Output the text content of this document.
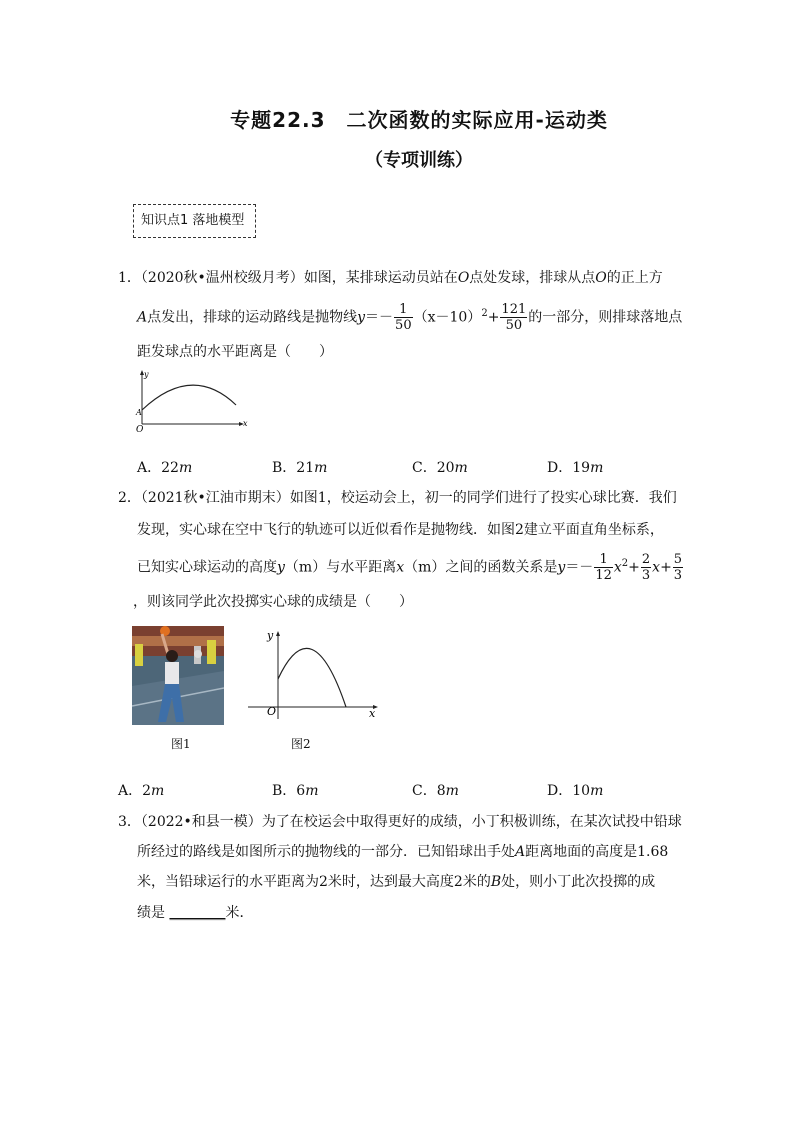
专题22.3　二次函数的实际应用-运动类
（专项训练）
知识点1 落地模型
1．（2020秋•温州校级月考）如图，某排球运动员站在O点处发球，排球从点O的正上方
A点发出，排球的运动路线是抛物线$y=- \frac{1}{50} (x-10)^2+ \frac{121}{50}$ 的一部分，则排球落地点
距发球点的水平距离是（　　）
x
y
A
O
A．22m	B．21m	C．20m	D．19m
2．（2021秋•江油市期末）如图1，校运动会上，初一的同学们进行了投实心球比赛．我们
发现，实心球在空中飞行的轨迹可以近似看作是抛物线．如图2建立平面直角坐标系，
已知实心球运动的高度y（m）与水平距离x（m）之间的函数关系是$y=- \frac{1}{12} x^2+ \frac{2}{3} x+ \frac{5}{3}$
，则该同学此次投掷实心球的成绩是（　　）
图1
x
y
O
图2
A．2m	B．6m	C．8m	D．10m
3．（2022•和县一模）为了在校运会中取得更好的成绩，小丁积极训练，在某次试投中铅球
所经过的路线是如图所示的抛物线的一部分．已知铅球出手处A距离地面的高度是1.68
米，当铅球运行的水平距离为2米时，达到最大高度2米的B处，则小丁此次投掷的成
绩是 ________米．
